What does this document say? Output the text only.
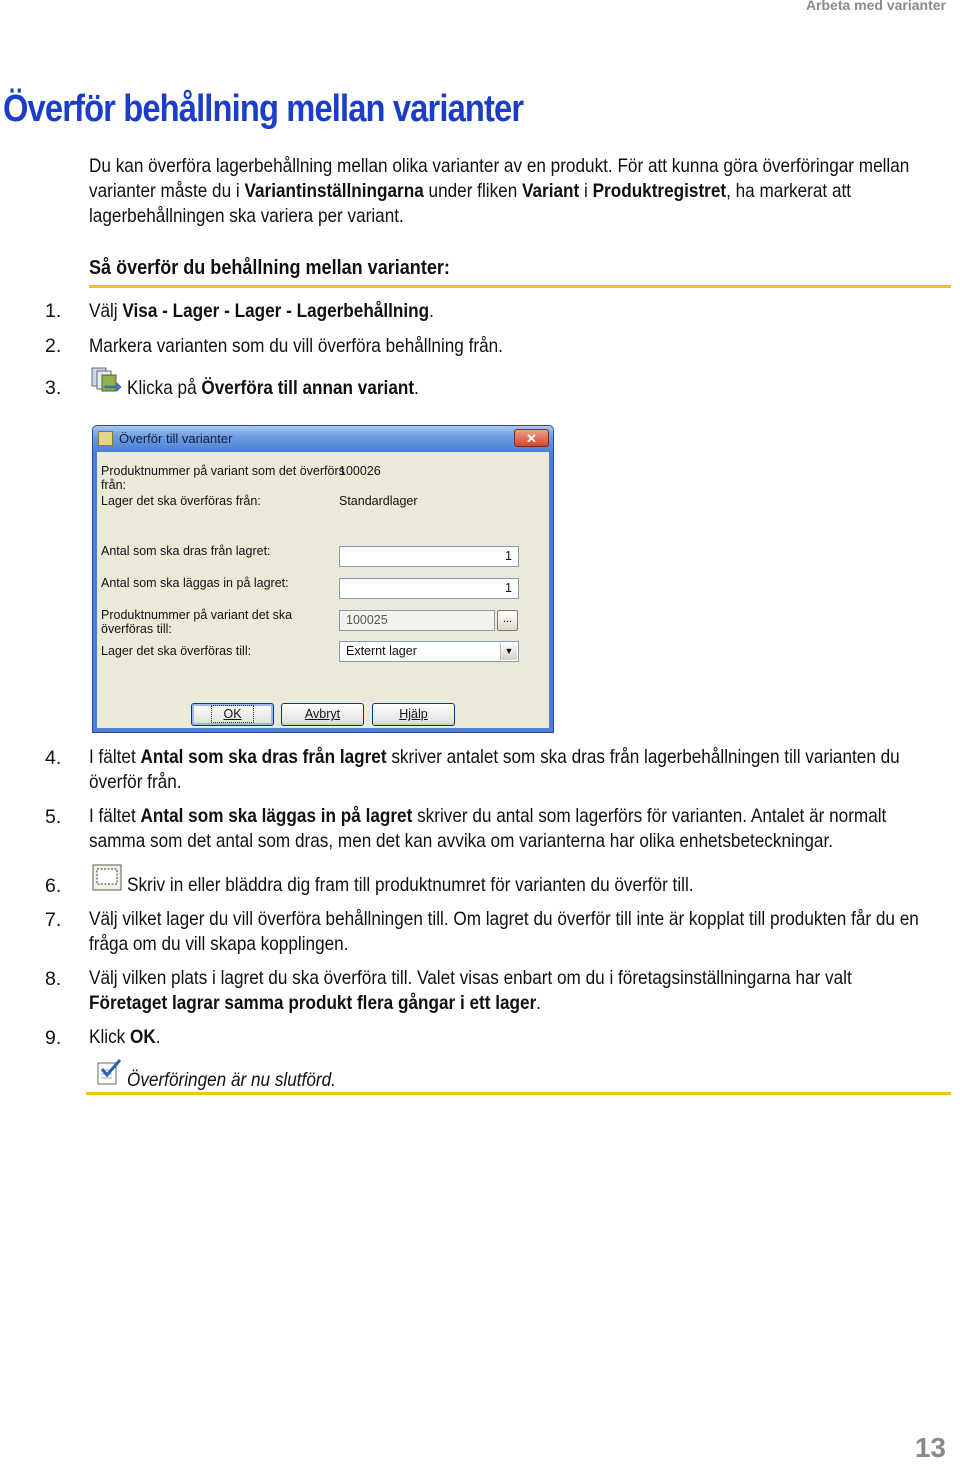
Arbeta med varianter
Överför behållning mellan varianter
Du kan överföra lagerbehållning mellan olika varianter av en produkt. För att kunna göra överföringar mellan
varianter måste du i Variantinställningarna under fliken Variant i Produktregistret, ha markerat att
lagerbehållningen ska variera per variant.
Så överför du behållning mellan varianter:
1. Välj Visa - Lager - Lager - Lagerbehållning.
2. Markera varianten som du vill överföra behållning från.
3.	Klicka på Överföra till annan variant.
Överför till varianter	✕
Produktnummer på variant som det överförs
från:
100026
Lager det ska överföras från:	Standardlager
Antal som ska dras från lagret:	1
Antal som ska läggas in på lagret:	1
Produktnummer på variant det ska
överföras till:
100025	...
Lager det ska överföras till:	Externt lager	▼
OK	Avbryt	Hjälp
4. I fältet Antal som ska dras från lagret skriver antalet som ska dras från lagerbehållningen till varianten du
överför från.
5. I fältet Antal som ska läggas in på lagret skriver du antal som lagerförs för varianten. Antalet är normalt
samma som det antal som dras, men det kan avvika om varianterna har olika enhetsbeteckningar.
6.	Skriv in eller bläddra dig fram till produktnumret för varianten du överför till.
7. Välj vilket lager du vill överföra behållningen till. Om lagret du överför till inte är kopplat till produkten får du en
fråga om du vill skapa kopplingen.
8. Välj vilken plats i lagret du ska överföra till. Valet visas enbart om du i företagsinställningarna har valt
Företaget lagrar samma produkt flera gångar i ett lager.
9. Klick OK.
Överföringen är nu slutförd.
13
